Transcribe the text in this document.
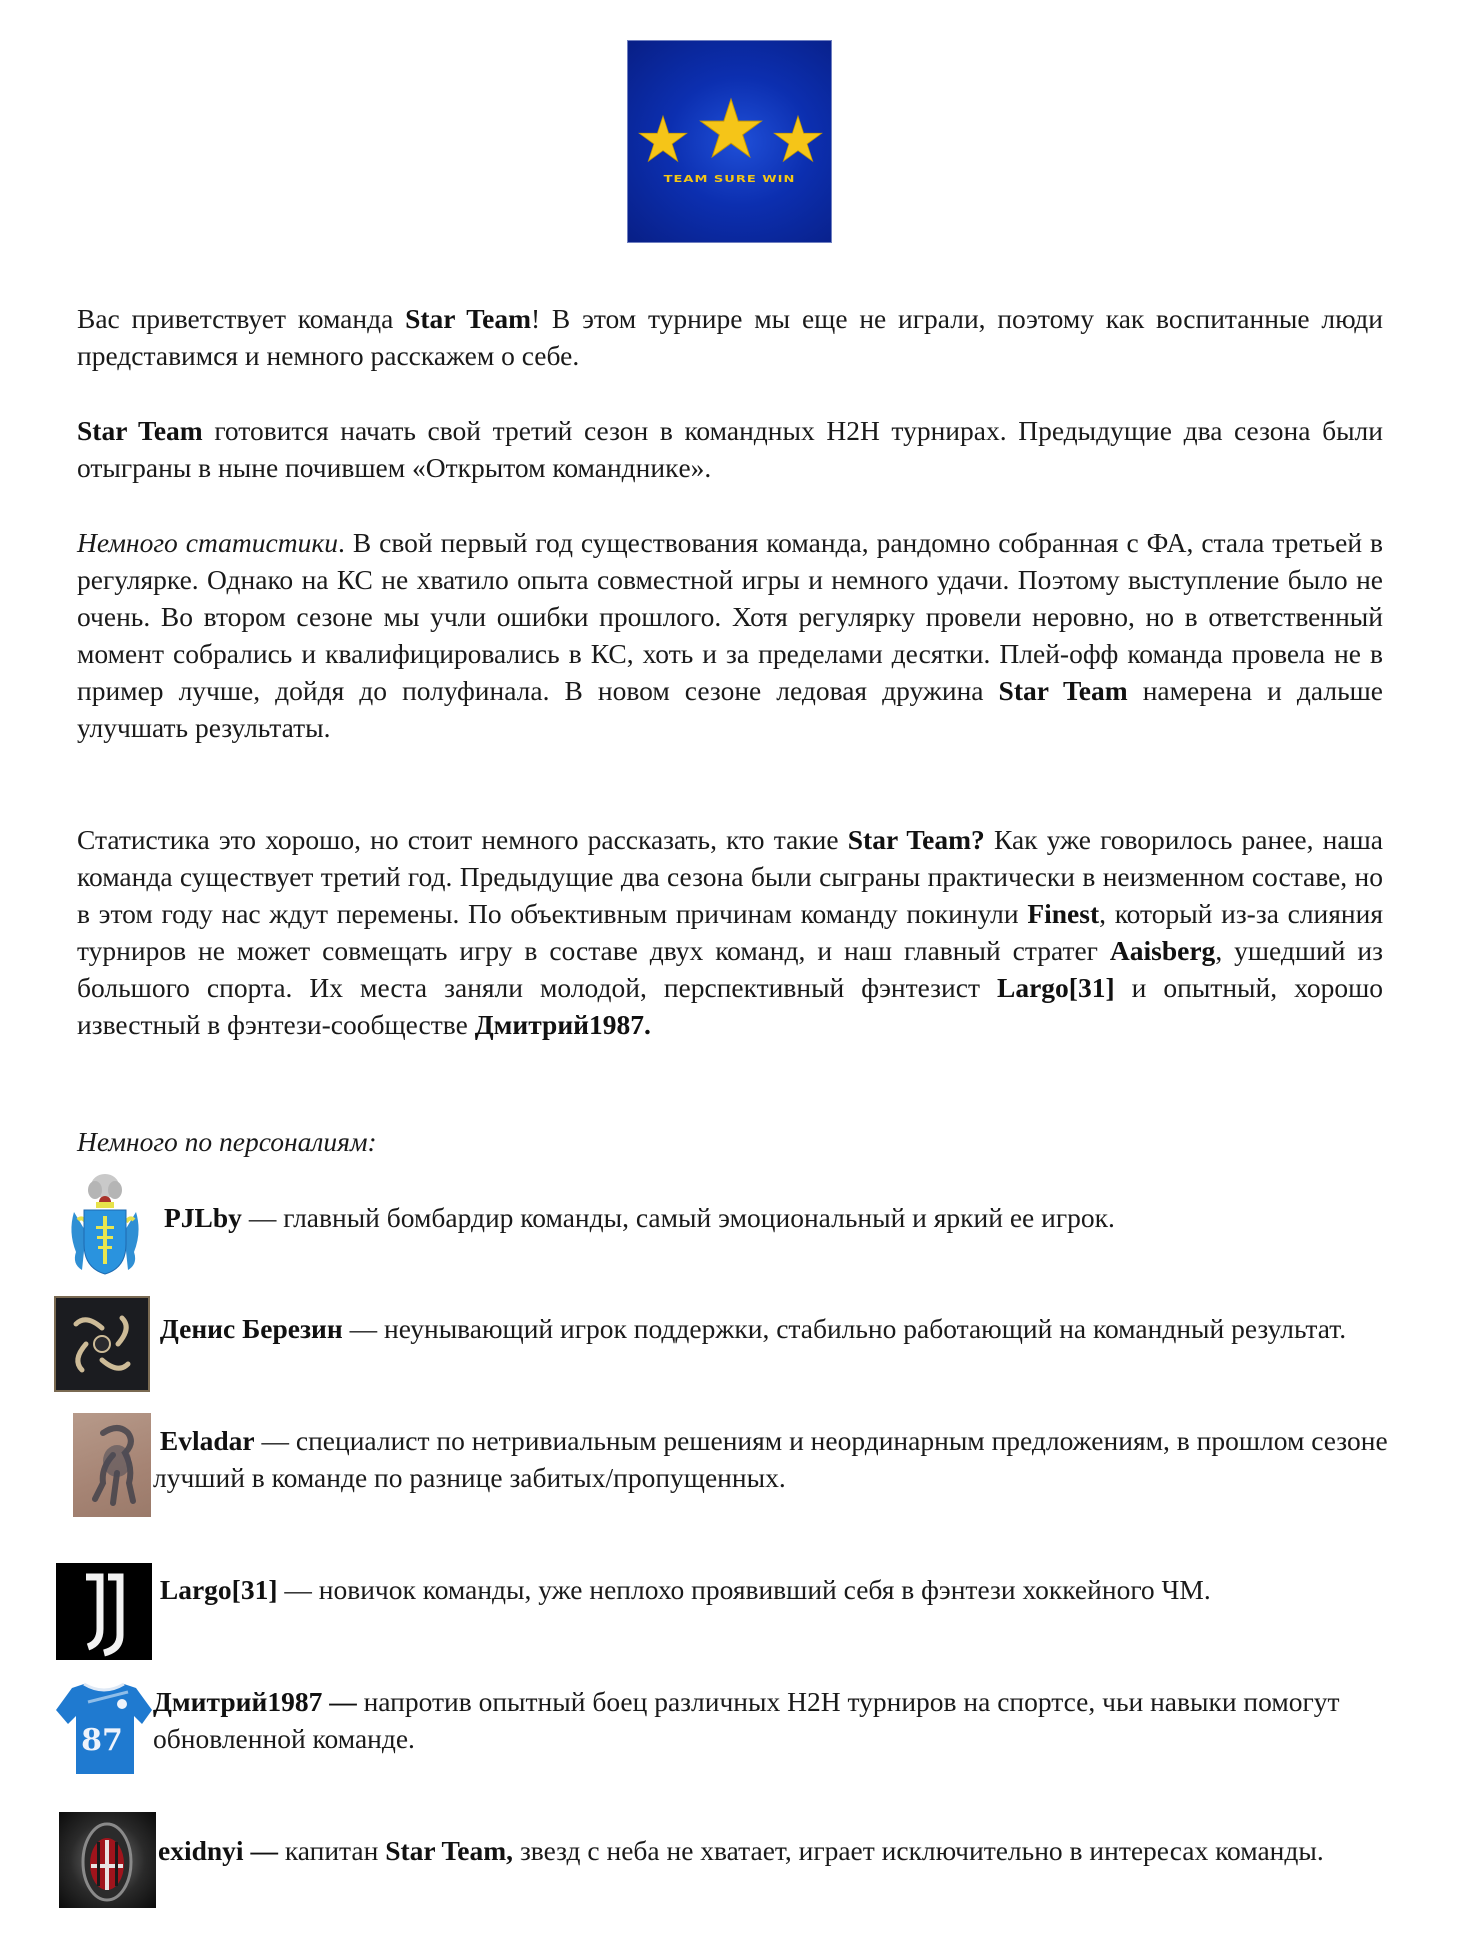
TEAM SURE WIN

Вас приветствует команда Star Team! В этом турнире мы еще не играли, поэтому как воспитанные люди представимся и немного расскажем о себе.

Star Team готовится начать свой третий сезон в командных H2H турнирах. Предыдущие два сезона были отыграны в ныне почившем «Открытом командникe».

Немного статистики. В свой первый год существования команда, рандомно собранная с ФА, стала третьей в регулярке. Однако на КС не хватило опыта совместной игры и немного удачи. Поэтому выступление было не очень. Во втором сезоне мы учли ошибки прошлого. Хотя регулярку провели неровно, но в ответственный момент собрались и квалифицировались в КС, хоть и за пределами десятки. Плей-офф команда провела не в пример лучше, дойдя до полуфинала. В новом сезоне ледовая дружина Star Team намерена и дальше улучшать результаты.

Статистика это хорошо, но стоит немного рассказать, кто такие Star Team? Как уже говорилось ранее, наша команда существует третий год. Предыдущие два сезона были сыграны практически в неизменном составе, но в этом году нас ждут перемены. По объективным причинам команду покинули Finest, который из-за слияния турниров не может совмещать игру в составе двух команд, и наш главный стратег Aaisberg, ушедший из большого спорта. Их места заняли молодой, перспективный фэнтезист Largo[31] и опытный, хорошо известный в фэнтези-сообществе Дмитрий1987.

Немного по персоналиям:
PJLby — главный бомбардир команды, самый эмоциональный и яркий ее игрок.
Денис Березин — неунывающий игрок поддержки, стабильно работающий на командный результат.
Evladar — специалист по нетривиальным решениям и неординарным предложениям, в прошлом сезоне лучший в команде по разнице забитых/пропущенных.
Largo[31] — новичок команды, уже неплохо проявивший себя в фэнтези хоккейного ЧМ.
87
Дмитрий1987 — напротив опытный боец различных H2H турниров на спортсе, чьи навыки помогут обновленной команде.
exidnyi — капитан Star Team, звезд с неба не хватает, играет исключительно в интересах команды.
